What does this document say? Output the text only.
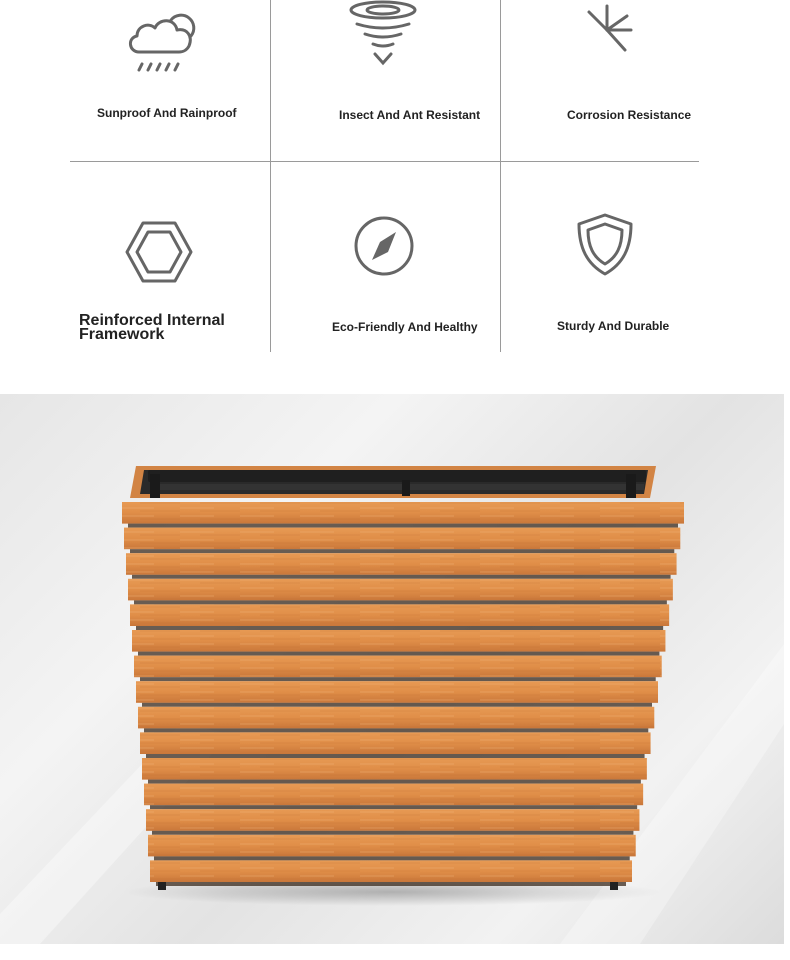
Sunproof And Rainproof	Insect And Ant Resistant	Corrosion Resistance
Reinforced Internal Framework	Eco-Friendly And Healthy	Sturdy And Durable
